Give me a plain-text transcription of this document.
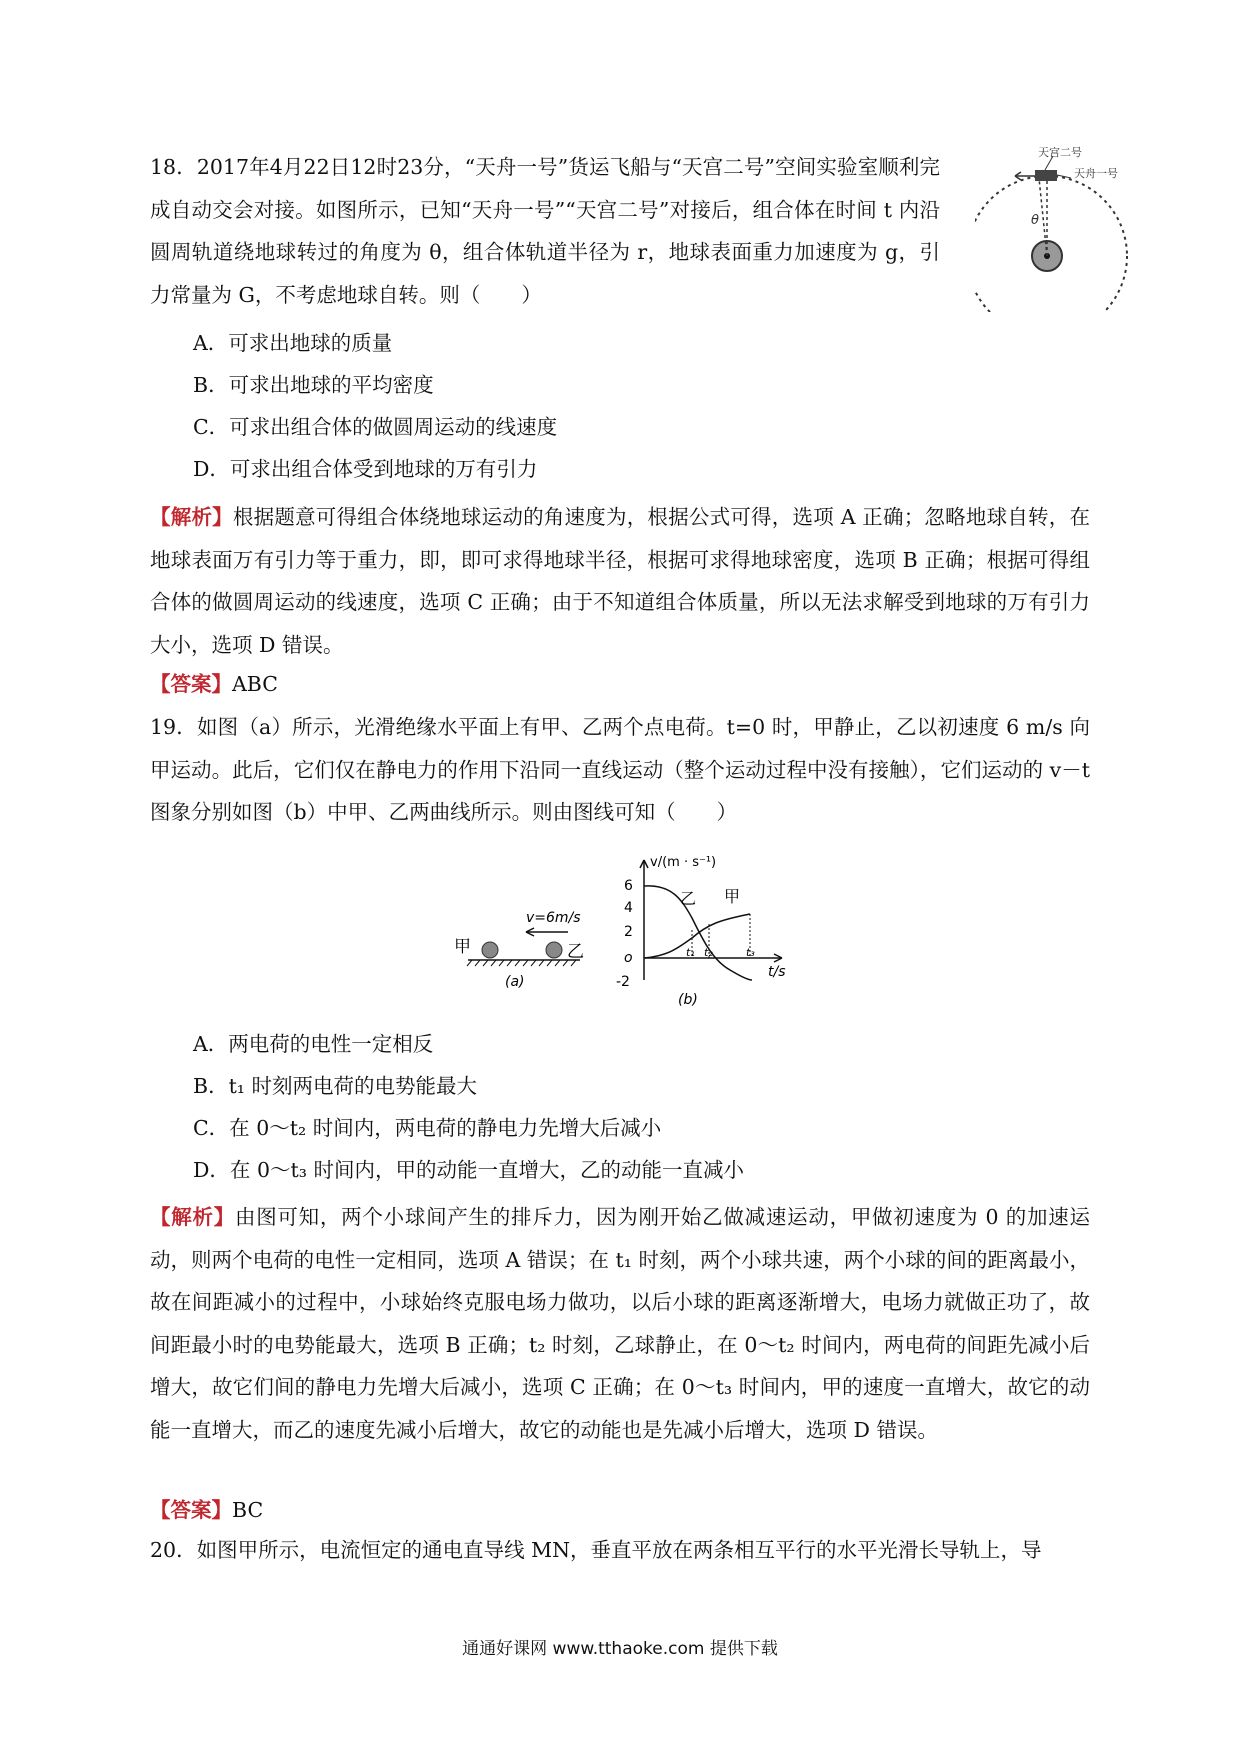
18．2017年4月22日12时23分，“天舟一号”货运飞船与“天宫二号”空间实验室顺利完成自动交会对接。如图所示，已知“天舟一号”“天宫二号”对接后，组合体在时间 t 内沿圆周轨道绕地球转过的角度为 θ，组合体轨道半径为 r，地球表面重力加速度为 g，引力常量为 G，不考虑地球自转。则（　　）

天宫二号
天舟一号
θ

A．可求出地球的质量

B．可求出地球的平均密度

C．可求出组合体的做圆周运动的线速度

D．可求出组合体受到地球的万有引力

【解析】根据题意可得组合体绕地球运动的角速度为，根据公式可得，选项 A 正确；忽略地球自转，在地球表面万有引力等于重力，即，即可求得地球半径，根据可求得地球密度，选项 B 正确；根据可得组合体的做圆周运动的线速度，选项 C 正确；由于不知道组合体质量，所以无法求解受到地球的万有引力大小，选项 D 错误。

【答案】ABC

19．如图（a）所示，光滑绝缘水平面上有甲、乙两个点电荷。t=0 时，甲静止，乙以初速度 6 m/s 向甲运动。此后，它们仅在静电力的作用下沿同一直线运动（整个运动过程中没有接触），它们运动的 v－t 图象分别如图（b）中甲、乙两曲线所示。则由图线可知（　　）

甲	乙
v=6m/s
(a)
v/(m · s⁻¹)
t/s
6
4
2
o
-2
t₁ t₂	t₃
乙 甲
(b)

A．两电荷的电性一定相反

B．t₁ 时刻两电荷的电势能最大

C．在 0～t₂ 时间内，两电荷的静电力先增大后减小

D．在 0～t₃ 时间内，甲的动能一直增大，乙的动能一直减小

【解析】由图可知，两个小球间产生的排斥力，因为刚开始乙做减速运动，甲做初速度为 0 的加速运动，则两个电荷的电性一定相同，选项 A 错误；在 t₁ 时刻，两个小球共速，两个小球的间的距离最小，故在间距减小的过程中，小球始终克服电场力做功，以后小球的距离逐渐增大，电场力就做正功了，故间距最小时的电势能最大，选项 B 正确；t₂ 时刻，乙球静止，在 0～t₂ 时间内，两电荷的间距先减小后增大，故它们间的静电力先增大后减小，选项 C 正确；在 0～t₃ 时间内，甲的速度一直增大，故它的动能一直增大，而乙的速度先减小后增大，故它的动能也是先减小后增大，选项 D 错误。

【答案】BC

20．如图甲所示，电流恒定的通电直导线 MN，垂直平放在两条相互平行的水平光滑长导轨上，导

通通好课网 www.tthaoke.com 提供下载
